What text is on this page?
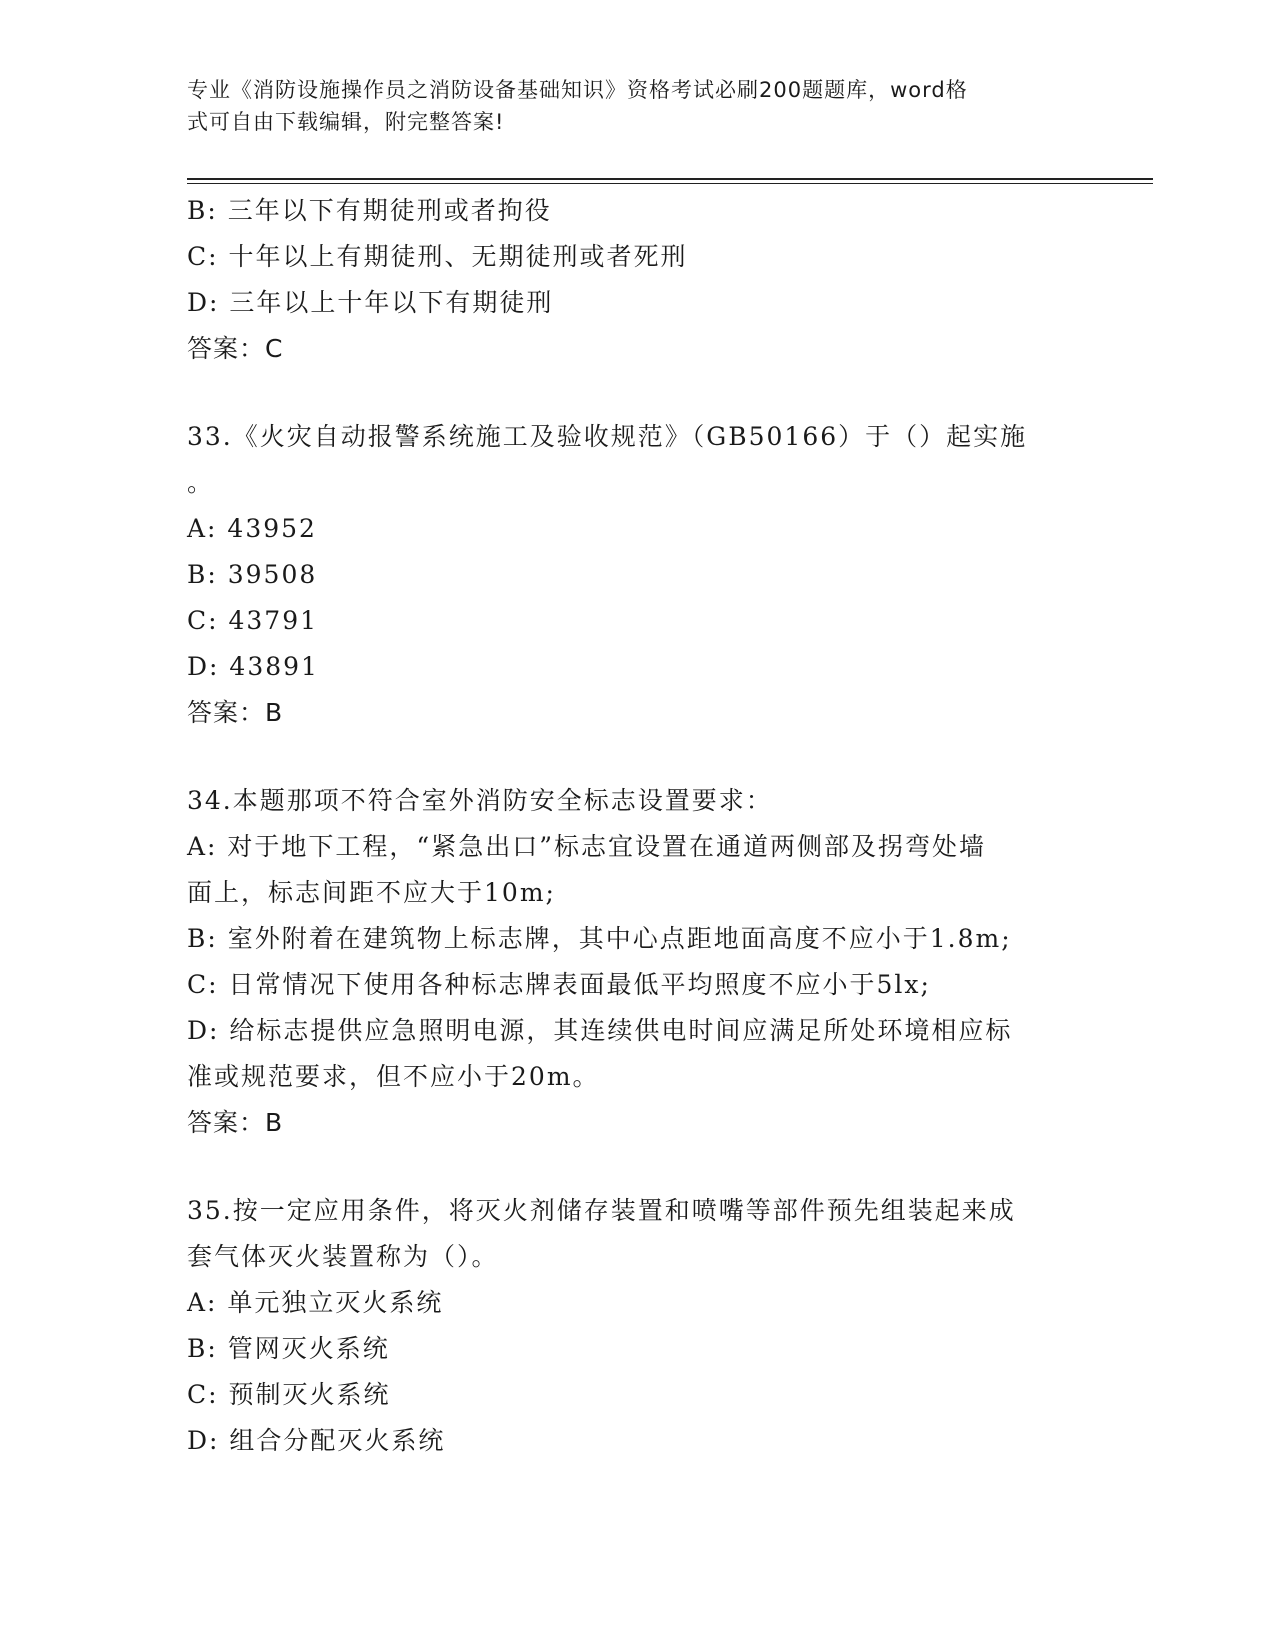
专业《消防设施操作员之消防设备基础知识》资格考试必刷200题题库，word格
式可自由下载编辑，附完整答案!
B: 三年以下有期徒刑或者拘役
C: 十年以上有期徒刑、无期徒刑或者死刑
D: 三年以上十年以下有期徒刑
答案：C
33.《火灾自动报警系统施工及验收规范》（GB50166）于（）起实施
。
A: 43952
B: 39508
C: 43791
D: 43891
答案：B
34.本题那项不符合室外消防安全标志设置要求：
A: 对于地下工程，“紧急出口”标志宜设置在通道两侧部及拐弯处墙
面上，标志间距不应大于10m;
B: 室外附着在建筑物上标志牌，其中心点距地面高度不应小于1.8m;
C: 日常情况下使用各种标志牌表面最低平均照度不应小于5lx;
D: 给标志提供应急照明电源，其连续供电时间应满足所处环境相应标
准或规范要求，但不应小于20m。
答案：B
35.按一定应用条件，将灭火剂储存装置和喷嘴等部件预先组装起来成
套气体灭火装置称为（）。
A: 单元独立灭火系统
B: 管网灭火系统
C: 预制灭火系统
D: 组合分配灭火系统
